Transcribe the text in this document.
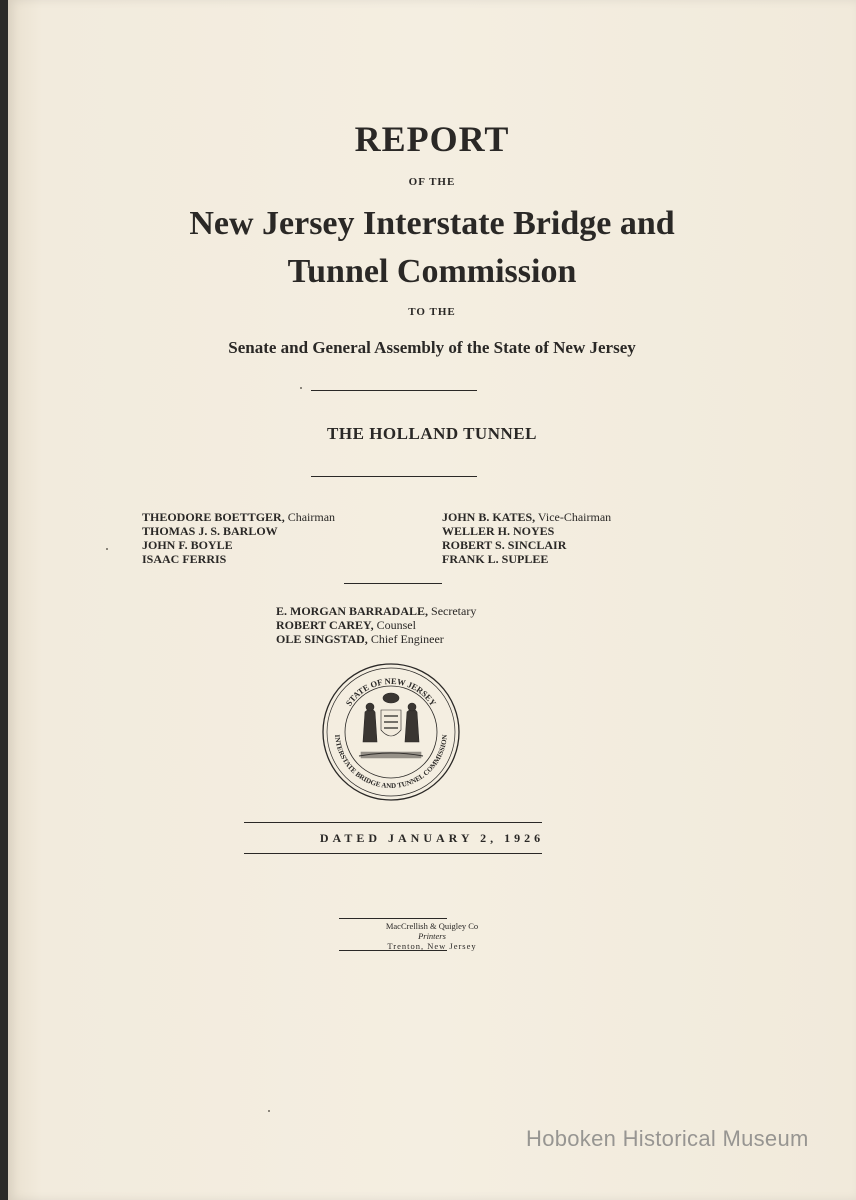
REPORT
OF THE
New Jersey Interstate Bridge and
Tunnel Commission
TO THE
Senate and General Assembly of the State of New Jersey
THE HOLLAND TUNNEL
THEODORE BOETTGER, Chairman
THOMAS J. S. BARLOW
JOHN F. BOYLE
ISAAC FERRIS
JOHN B. KATES, Vice-Chairman
WELLER H. NOYES
ROBERT S. SINCLAIR
FRANK L. SUPLEE
E. MORGAN BARRADALE, Secretary
ROBERT CAREY, Counsel
OLE SINGSTAD, Chief Engineer
STATE OF NEW JERSEY
INTERSTATE BRIDGE AND TUNNEL COMMISSION
DATED JANUARY 2, 1926
MacCrellish & Quigley Co
Printers
Trenton, New Jersey
Hoboken Historical Museum
